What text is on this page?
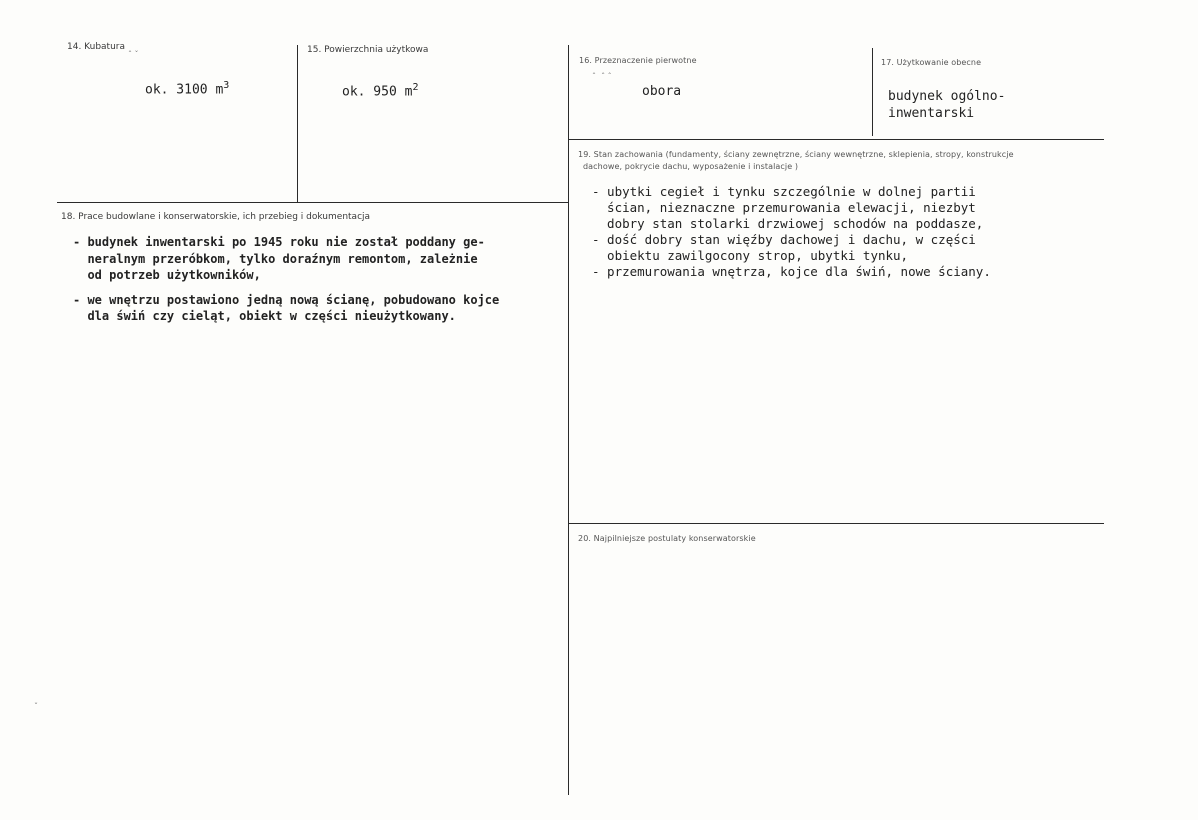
14. Kubatura
ˆ ˇ
ok. 3100 $m^3$
15. Powierzchnia użytkowa
ok. 950 $m^2$
16. Przeznaczenie pierwotne
ˆ  ˆ ˆ
obora
17. Użytkowanie obecne
budynek ogólno-
inwentarski
19. Stan zachowania (fundamenty, ściany zewnętrzne, ściany wewnętrzne, sklepienia, stropy, konstrukcje
dachowe, pokrycie dachu, wyposażenie i instalacje )
- ubytki cegieł i tynku szczególnie w dolnej partii
ścian, nieznaczne przemurowania elewacji, niezbyt
dobry stan stolarki drzwiowej schodów na poddasze,
- dość dobry stan więźby dachowej i dachu, w części
obiektu zawilgocony strop, ubytki tynku,
- przemurowania wnętrza, kojce dla świń, nowe ściany.
18. Prace budowlane i konserwatorskie, ich przebieg i dokumentacja
- budynek inwentarski po 1945 roku nie został poddany ge-
neralnym przeróbkom, tylko doraźnym remontom, zależnie
od potrzeb użytkowników,
- we wnętrzu postawiono jedną nową ścianę, pobudowano kojce
dla świń czy cieląt, obiekt w części nieużytkowany.
20. Najpilniejsze postulaty konserwatorskie
ˇ
